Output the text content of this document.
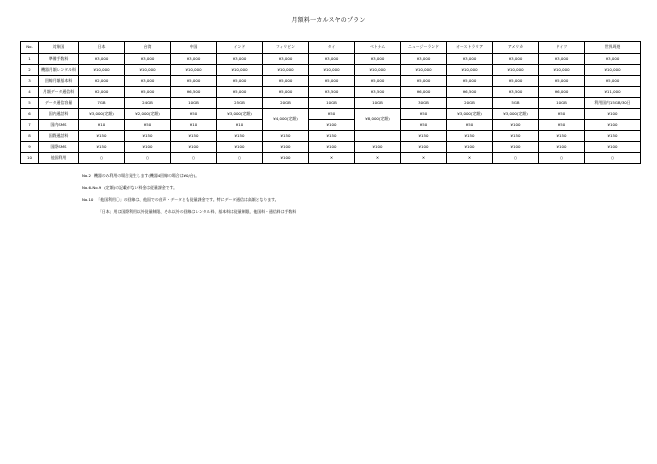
月額料一カルスヤのプラン
No.	対象国	日本	台湾	中国	インド	フィリピン	タイ	ベトナム	ニュージーランド	オーストラリア	アメリカ	ドイツ	世界周遊
1	準備手数料	¥3,000	¥3,000	¥3,000	¥3,000	¥3,000	¥3,000	¥3,000	¥3,000	¥3,000	¥3,000	¥3,000	¥3,000
2	機器月額レンタル料	¥10,000	¥10,000	¥10,000	¥10,000	¥10,000	¥10,000	¥10,000	¥10,000	¥10,000	¥10,000	¥10,000	¥10,000
3	回線月額基本料	¥2,000	¥3,000	¥5,000	¥5,000	¥5,000	¥5,000	¥5,000	¥5,000	¥5,000	¥5,000	¥5,000	¥5,000
4	月額データ通信料	¥2,000	¥5,000	¥6,500	¥5,000	¥5,000	¥3,500	¥3,500	¥6,000	¥6,500	¥3,500	¥6,000	¥11,000
5	データ通信容量	7GB	24GB	10GB	25GB	20GB	10GB	10GB	30GB	20GB	5GB	10GB	利用国内15GB/30日
6	国内通話料	¥3,000(定額)	¥2,000(定額)	¥50	¥3,000(定額)	¥4,000(定額)	¥50	¥8,000(定額)	¥50	¥3,000(定額)	¥3,000(定額)	¥50	¥100
7	国内SMS	¥10	¥50	¥10	¥10		¥100		¥50	¥50	¥100	¥50	¥100
8	国際通話料	¥150	¥150	¥150	¥150	¥150	¥150		¥150	¥150	¥150	¥150	¥150
9	国際SMS	¥150	¥100	¥100	¥100	¥100	¥100	¥100	¥100	¥100	¥100	¥100	¥100
10	他国利用	○	○	○	○	¥100	✕	✕	✕	✕	○	○	○
No.2 機器のみ利用の場合発生します(機器4回線の場合は¥0/台)。
No.6-No.9 (定額)の記載がない料金は従量課金です。
No.10 「他国利用〇」の回線は、他国での音声・データとも従量課金です。特にデータ通信は高額となります。
「日本」用は国際利用以外従量制限、それ以外の回線はレンタル料、基本料は従量制限、他国料・通信料は手数料
